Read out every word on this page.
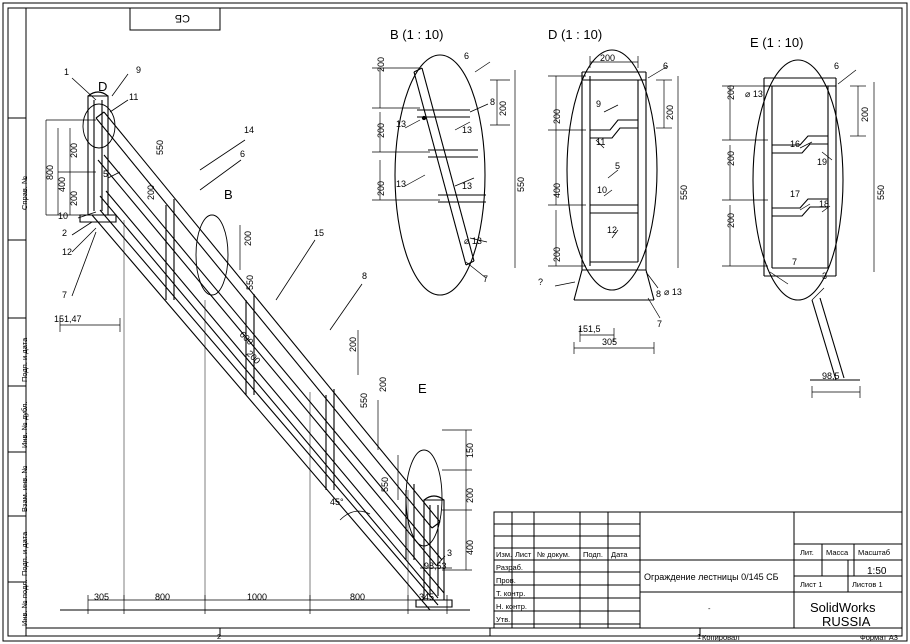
СБ
Справ. №
Подп. и дата
Инв. № дубл.
Взам. инв. №
Подп. и дата
Инв. № подл.
2	1 Копировал	Формат А3
1	9
11
D
5
10
2
12
7
14
6
B
15
8
E
3
800
400
200
200
550
200
200
550
600
200
200
550
200
550
150
200
400
151,47
98,53
45°
305	800	1000	800	345
B (1 : 10)
6
8
13
13
13
13
7
200
200
200
200
550
⌀ 13
D (1 : 10)
6
9
11
5
10
12
8
7
200
200
200
400
200
550
⌀ 13
?
151,5
305
E (1 : 10)
6
16
19
17
18
7
3
200
200
200
200
550
⌀ 13
98,5
Изм. Лист № докум. Подп. Дата
Разраб.
Пров.
Т. контр.
Н. контр.
Утв.
Ограждение лестницы 0/145 СБ
-
Лит. Масса Масштаб
1:50
Лист 1	Листов 1
SolidWorks
RUSSIA
